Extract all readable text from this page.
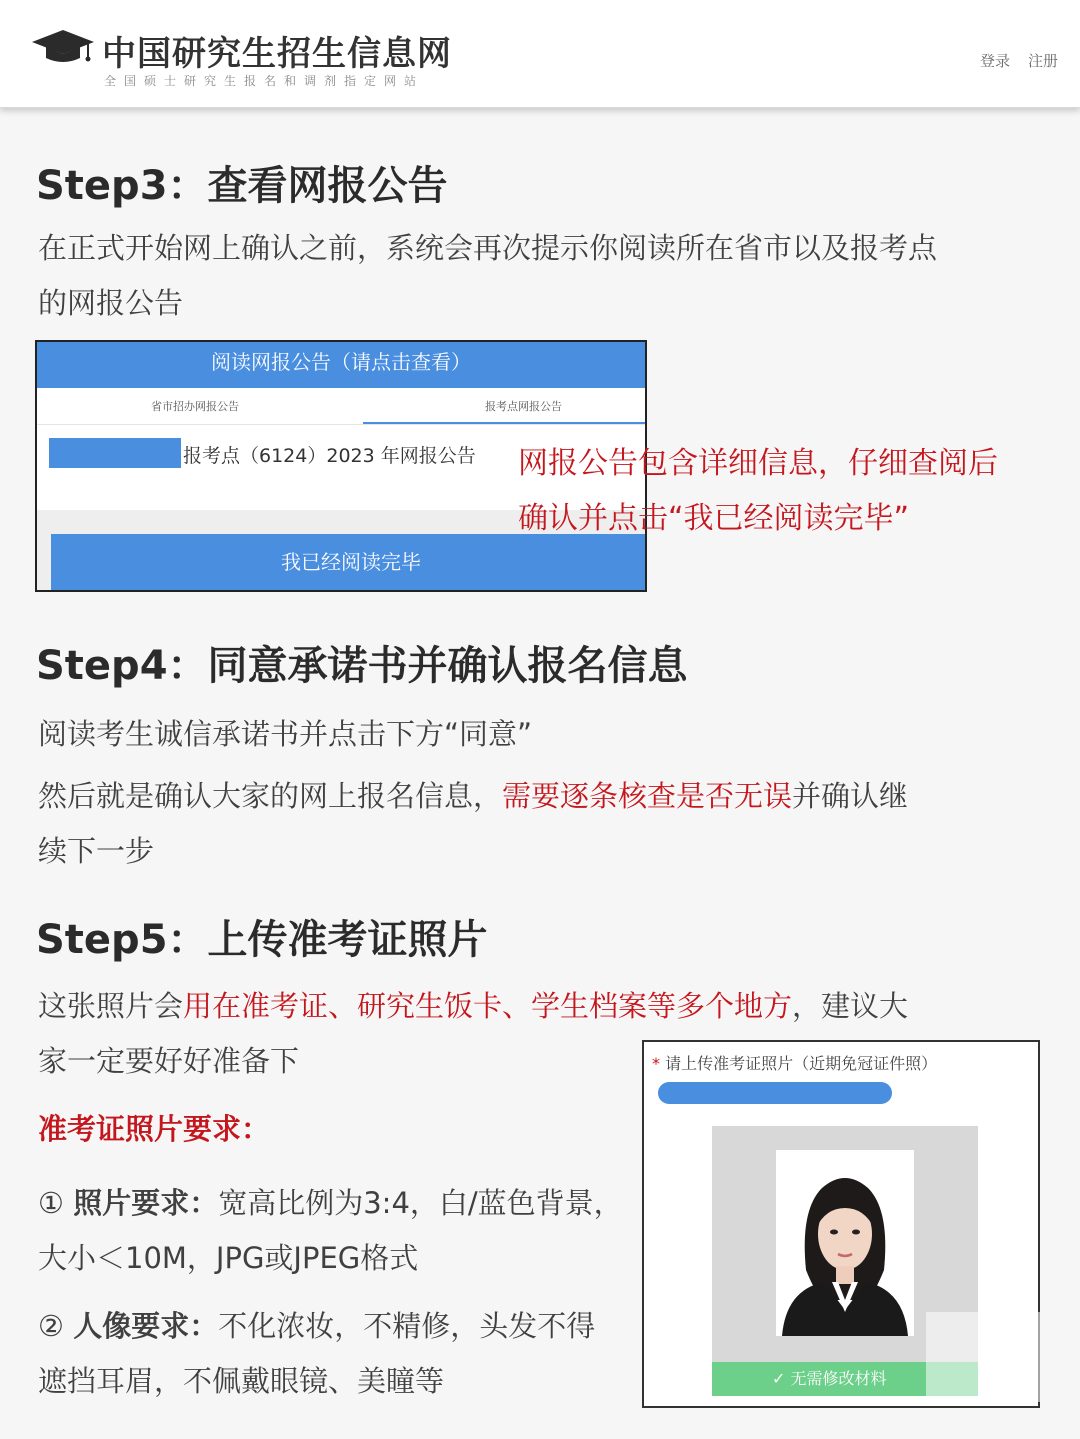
中国研究生招生信息网
全国硕士研究生报名和调剂指定网站
登录 注册
Step3：查看网报公告
在正式开始网上确认之前，系统会再次提示你阅读所在省市以及报考点
的网报公告
阅读网报公告（请点击查看）
省市招办网报公告	报考点网报公告
报考点（6124）2023 年网报公告
我已经阅读完毕
网报公告包含详细信息，仔细查阅后
确认并点击“我已经阅读完毕”
Step4：同意承诺书并确认报名信息
阅读考生诚信承诺书并点击下方“同意”
然后就是确认大家的网上报名信息，需要逐条核查是否无误并确认继
续下一步
Step5：上传准考证照片
这张照片会用在准考证、研究生饭卡、学生档案等多个地方，建议大
家一定要好好准备下
准考证照片要求：
① 照片要求：宽高比例为3:4，白/蓝色背景，
大小＜10M，JPG或JPEG格式
② 人像要求：不化浓妆，不精修，头发不得
遮挡耳眉，不佩戴眼镜、美瞳等
* 请上传准考证照片（近期免冠证件照）
✓ 无需修改材料
